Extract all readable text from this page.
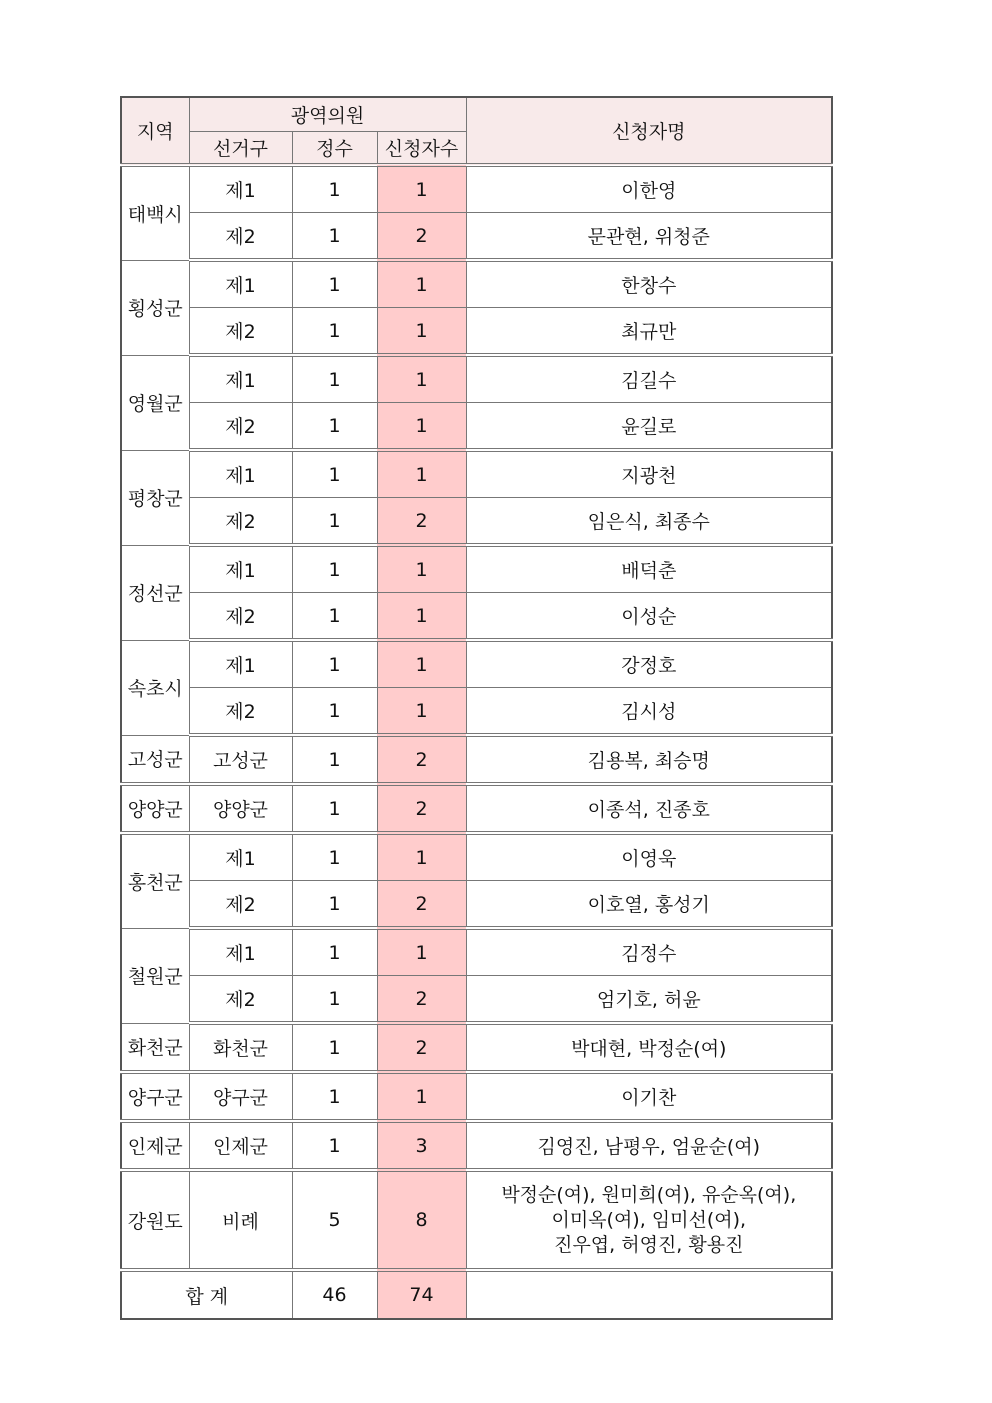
지역	광역의원			신청자명
	선거구	정수	신청자수	
태백시	제1	1	1	이한영
	제2	1	2	문관현, 위청준
횡성군	제1	1	1	한창수
	제2	1	1	최규만
영월군	제1	1	1	김길수
	제2	1	1	윤길로
평창군	제1	1	1	지광천
	제2	1	2	임은식, 최종수
정선군	제1	1	1	배덕춘
	제2	1	1	이성순
속초시	제1	1	1	강정호
	제2	1	1	김시성
고성군	고성군	1	2	김용복, 최승명
양양군	양양군	1	2	이종석, 진종호
홍천군	제1	1	1	이영욱
	제2	1	2	이호열, 홍성기
철원군	제1	1	1	김정수
	제2	1	2	엄기호, 허윤
화천군	화천군	1	2	박대현, 박정순(여)
양구군	양구군	1	1	이기찬
인제군	인제군	1	3	김영진, 남평우, 엄윤순(여)
강원도	비례	5	8	박정순(여), 원미희(여), 유순옥(여),
이미옥(여), 임미선(여),
진우엽, 허영진, 황용진

합 계		46	74	
